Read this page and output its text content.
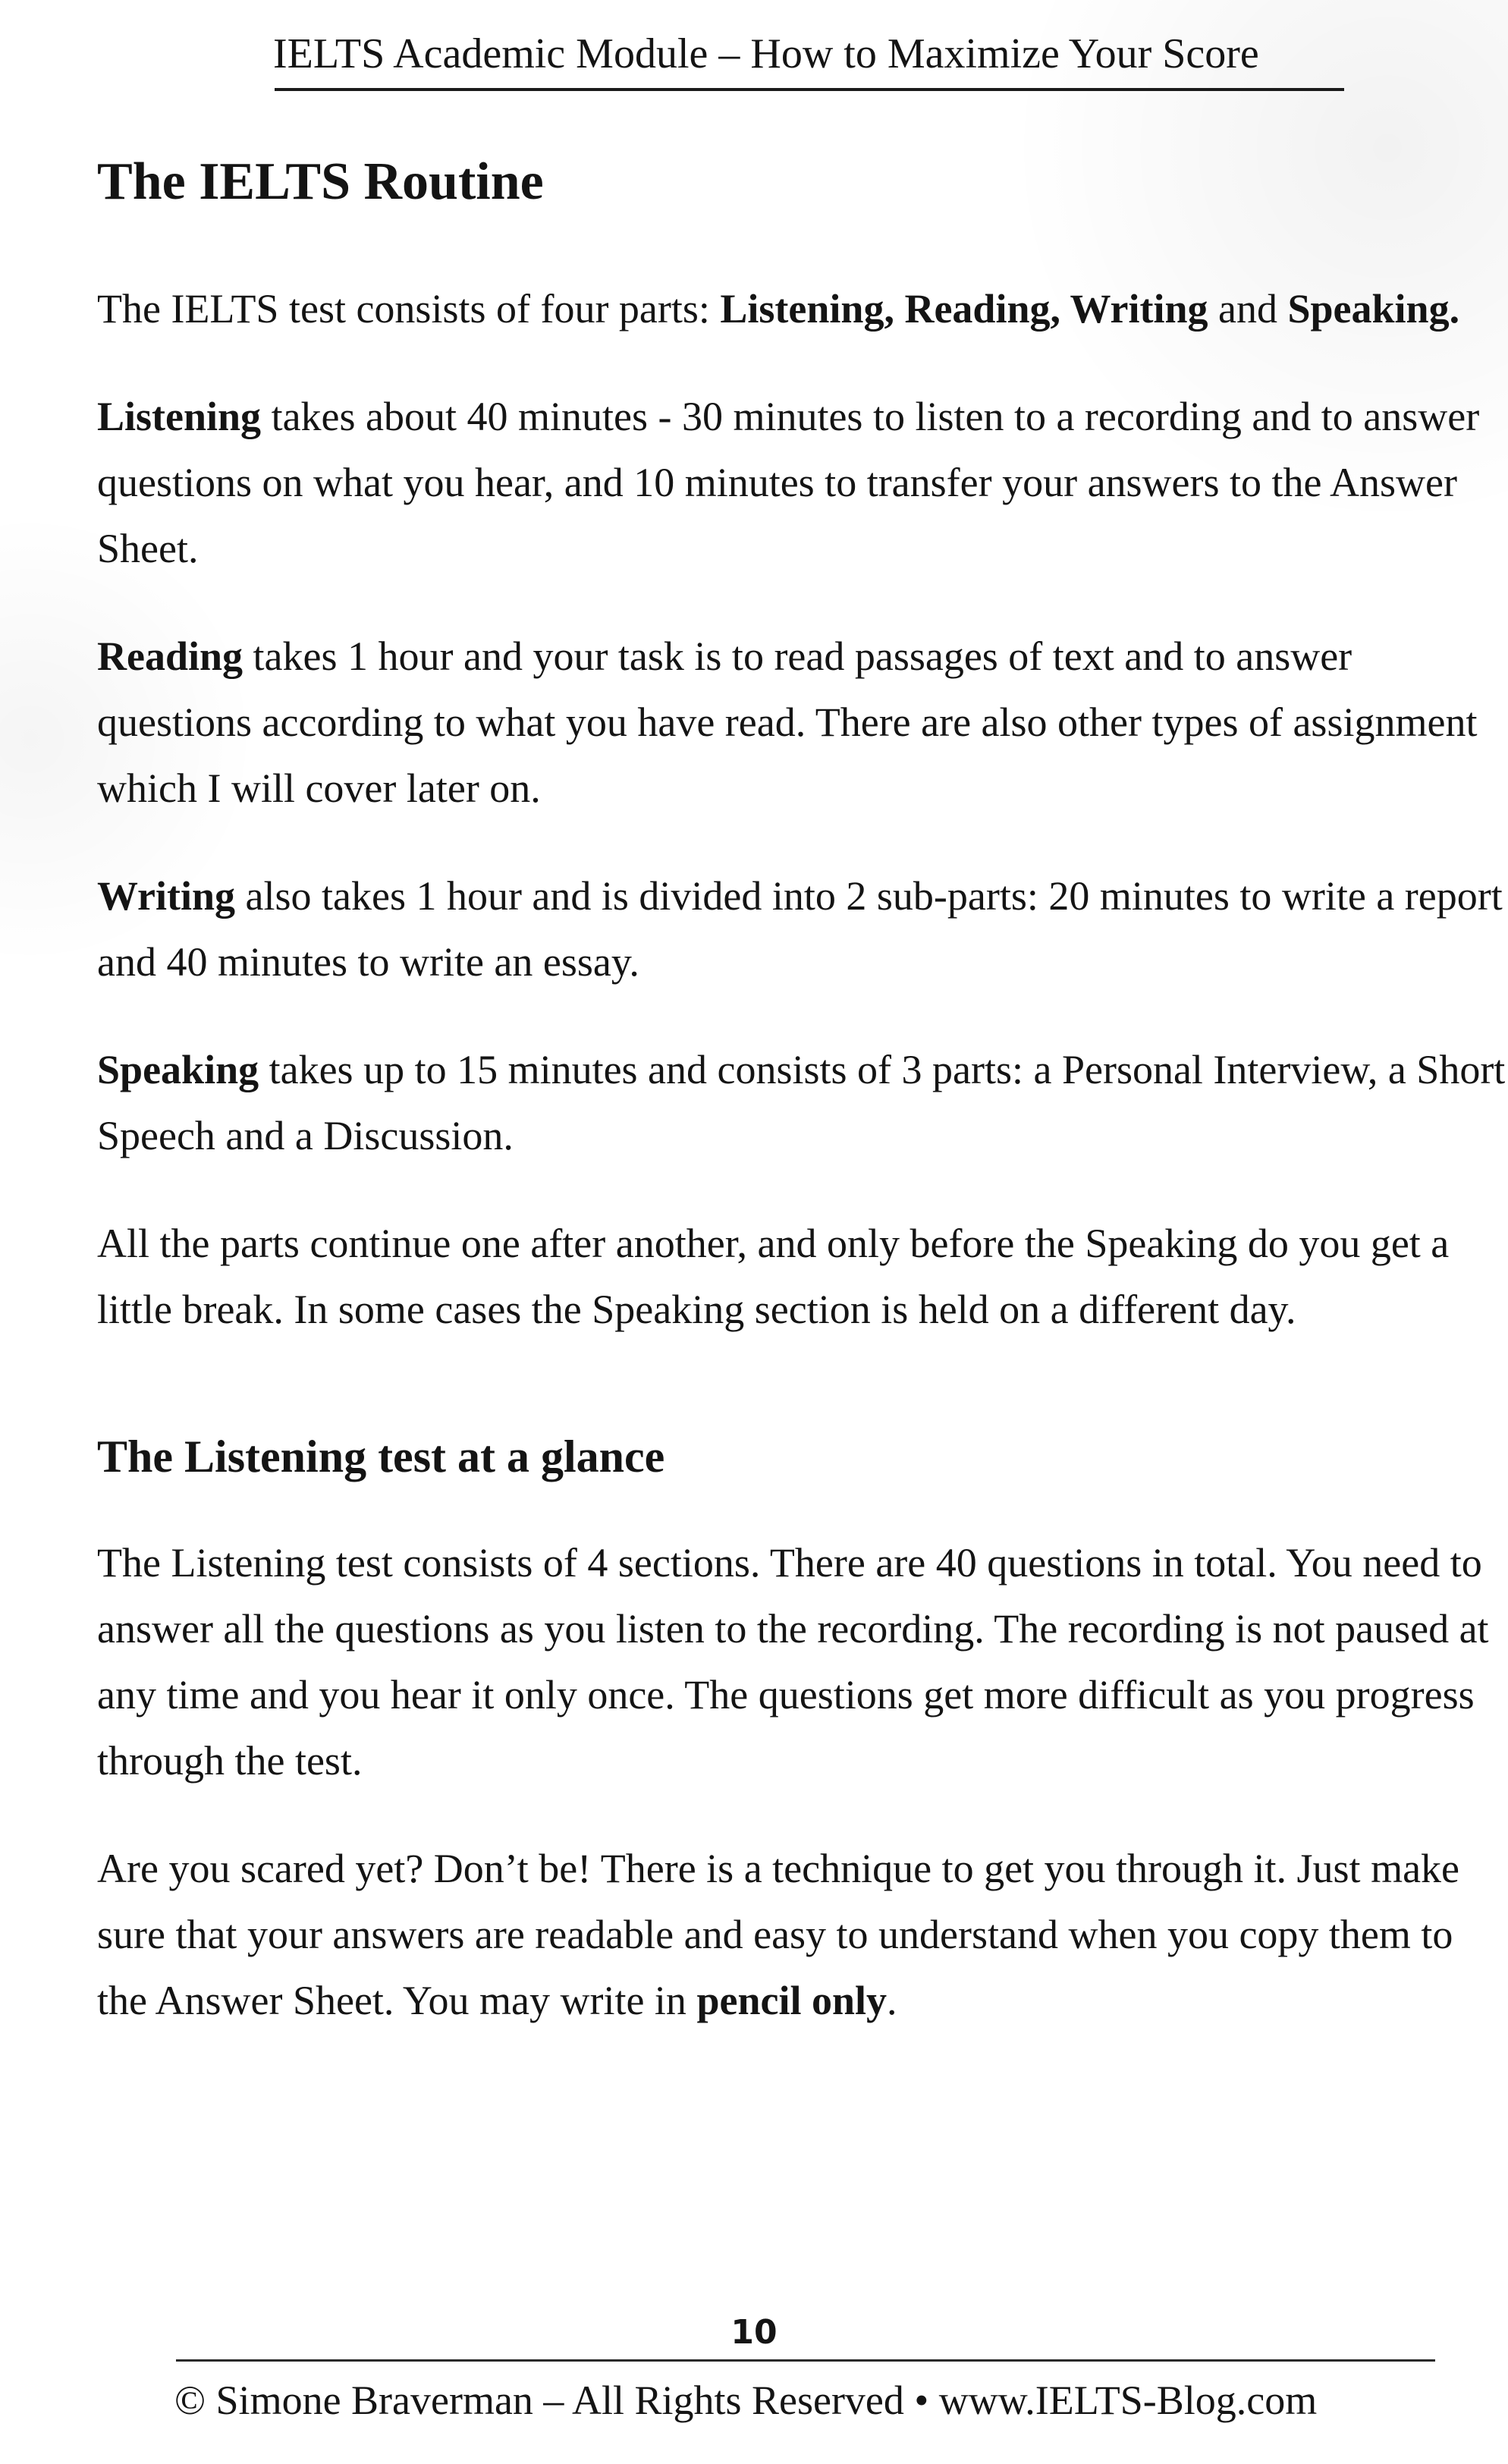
IELTS Academic Module – How to Maximize Your Score
The IELTS Routine

The IELTS test consists of four parts: Listening, Reading, Writing and Speaking.

Listening takes about 40 minutes - 30 minutes to listen to a recording and to answer questions on what you hear, and 10 minutes to transfer your answers to the Answer Sheet.

Reading takes 1 hour and your task is to read passages of text and to answer questions according to what you have read. There are also other types of assignment which I will cover later on.

Writing also takes 1 hour and is divided into 2 sub-parts: 20 minutes to write a report and 40 minutes to write an essay.

Speaking takes up to 15 minutes and consists of 3 parts: a Personal Interview, a Short Speech and a Discussion.

All the parts continue one after another, and only before the Speaking do you get a little break. In some cases the Speaking section is held on a different day.

The Listening test at a glance

The Listening test consists of 4 sections. There are 40 questions in total. You need to answer all the questions as you listen to the recording. The recording is not paused at any time and you hear it only once. The questions get more difficult as you progress through the test.

Are you scared yet? Don’t be! There is a technique to get you through it. Just make sure that your answers are readable and easy to understand when you copy them to the Answer Sheet. You may write in pencil only.

10
© Simone Braverman – All Rights Reserved • www.IELTS-Blog.com
